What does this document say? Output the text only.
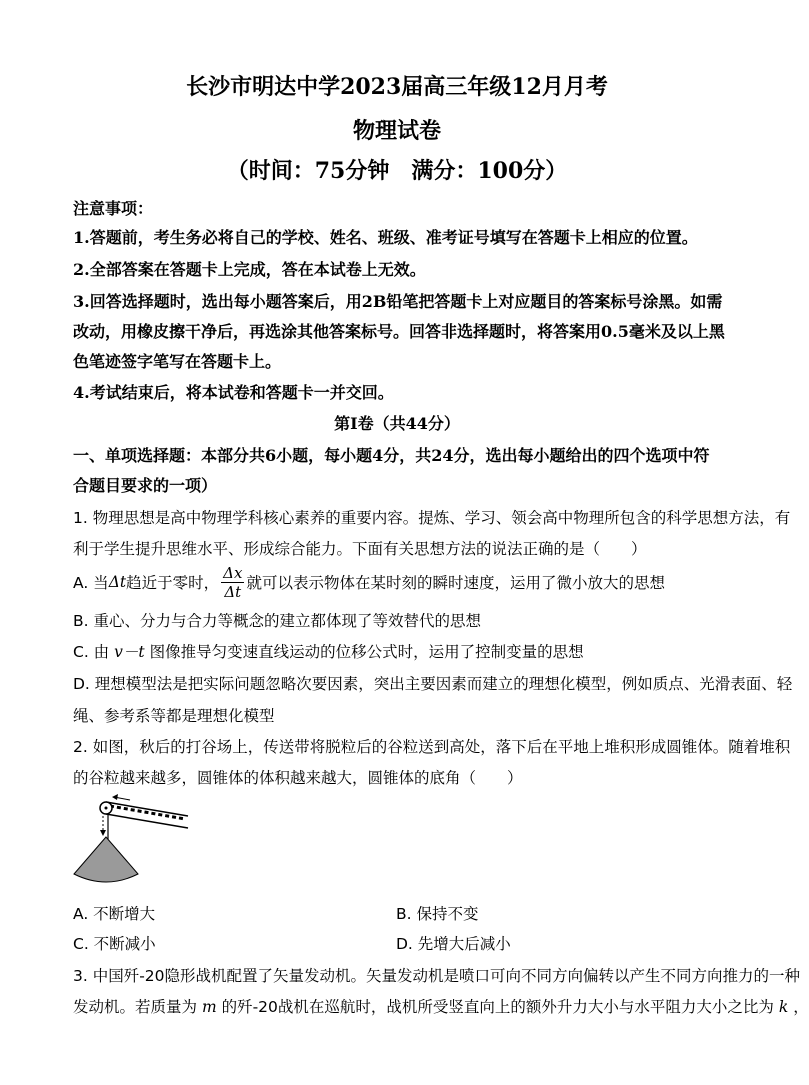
长沙市明达中学2023届高三年级12月月考
物理试卷
（时间：75分钟　满分：100分）
注意事项：
1.答题前，考生务必将自己的学校、姓名、班级、准考证号填写在答题卡上相应的位置。
2.全部答案在答题卡上完成，答在本试卷上无效。
3.回答选择题时，选出每小题答案后，用2B铅笔把答题卡上对应题目的答案标号涂黑。如需
改动，用橡皮擦干净后，再选涂其他答案标号。回答非选择题时，将答案用0.5毫米及以上黑
色笔迹签字笔写在答题卡上。
4.考试结束后，将本试卷和答题卡一并交回。
第Ⅰ卷（共44分）
一、单项选择题：本部分共6小题，每小题4分，共24分，选出每小题给出的四个选项中符
合题目要求的一项）
1. 物理思想是高中物理学科核心素养的重要内容。提炼、学习、领会高中物理所包含的科学思想方法，有
利于学生提升思维水平、形成综合能力。下面有关思想方法的说法正确的是（　　）
A. 当 Δt 趋近于零时， $\frac{\Delta x}{\Delta t}$ 就可以表示物体在某时刻的瞬时速度，运用了微小放大的思想
B. 重心、分力与合力等概念的建立都体现了等效替代的思想
C. 由 v－t 图像推导匀变速直线运动的位移公式时，运用了控制变量的思想
D. 理想模型法是把实际问题忽略次要因素，突出主要因素而建立的理想化模型，例如质点、光滑表面、轻
绳、参考系等都是理想化模型
2. 如图，秋后的打谷场上，传送带将脱粒后的谷粒送到高处，落下后在平地上堆积形成圆锥体。随着堆积
的谷粒越来越多，圆锥体的体积越来越大，圆锥体的底角（　　）
A. 不断增大	B. 保持不变
C. 不断减小	D. 先增大后减小
3. 中国歼-20隐形战机配置了矢量发动机。矢量发动机是喷口可向不同方向偏转以产生不同方向推力的一种
发动机。若质量为 m 的歼-20战机在巡航时，战机所受竖直向上的额外升力大小与水平阻力大小之比为 k ，
